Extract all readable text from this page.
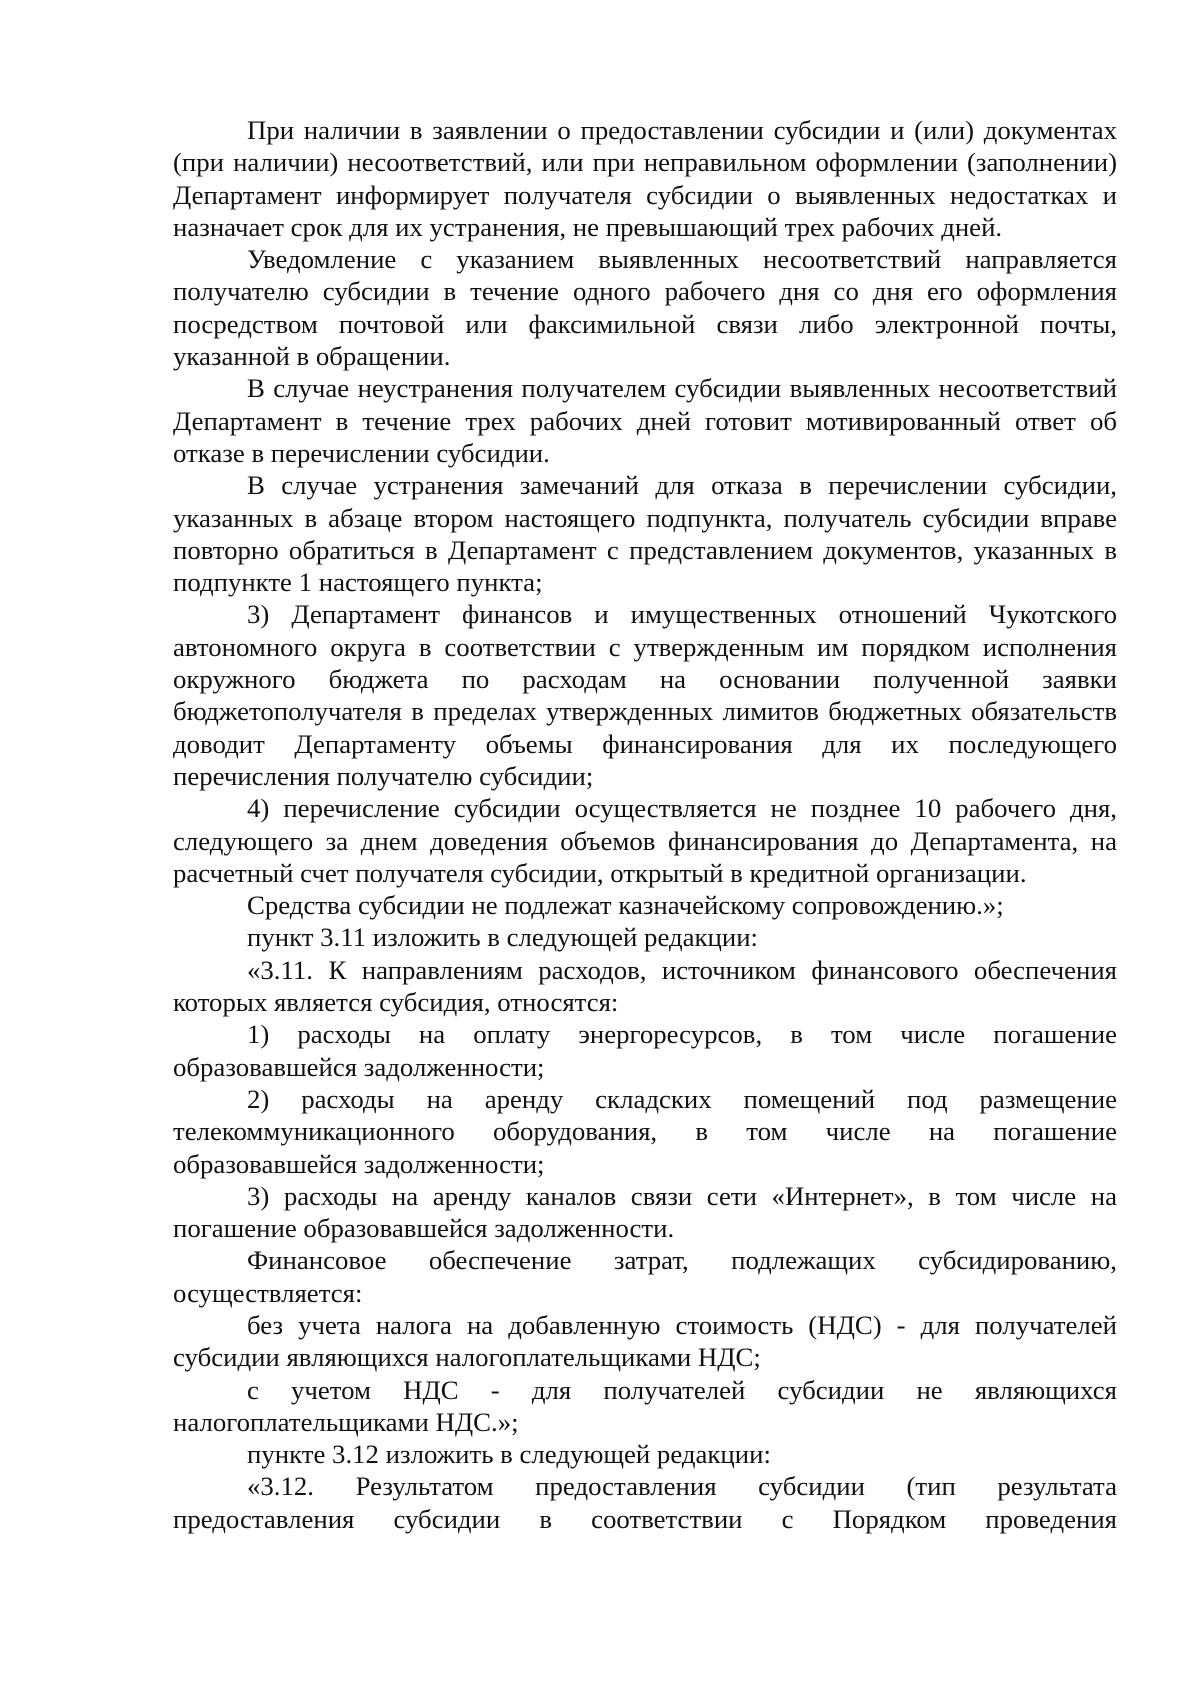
При наличии в заявлении о предоставлении субсидии и (или) документах (при наличии) несоответствий, или при неправильном оформлении (заполнении) Департамент информирует получателя субсидии о выявленных недостатках и назначает срок для их устранения, не превышающий трех рабочих дней.

Уведомление с указанием выявленных несоответствий направляется получателю субсидии в течение одного рабочего дня со дня его оформления посредством почтовой или факсимильной связи либо электронной почты, указанной в обращении.

В случае неустранения получателем субсидии выявленных несоответствий Департамент в течение трех рабочих дней готовит мотивированный ответ об отказе в перечислении субсидии.

В случае устранения замечаний для отказа в перечислении субсидии, указанных в абзаце втором настоящего подпункта, получатель субсидии вправе повторно обратиться в Департамент с представлением документов, указанных в подпункте 1 настоящего пункта;

3) Департамент финансов и имущественных отношений Чукотского автономного округа в соответствии с утвержденным им порядком исполнения окружного бюджета по расходам на основании полученной заявки бюджетополучателя в пределах утвержденных лимитов бюджетных обязательств доводит Департаменту объемы финансирования для их последующего перечисления получателю субсидии;

4) перечисление субсидии осуществляется не позднее 10 рабочего дня, следующего за днем доведения объемов финансирования до Департамента, на расчетный счет получателя субсидии, открытый в кредитной организации.

Средства субсидии не подлежат казначейскому сопровождению.»;

пункт 3.11 изложить в следующей редакции:

«3.11. К направлениям расходов, источником финансового обеспечения которых является субсидия, относятся:

1) расходы на оплату энергоресурсов, в том числе погашение образовавшейся задолженности;

2) расходы на аренду складских помещений под размещение телекоммуникационного оборудования, в том числе на погашение образовавшейся задолженности;

3) расходы на аренду каналов связи сети «Интернет», в том числе на погашение образовавшейся задолженности.

Финансовое обеспечение затрат, подлежащих субсидированию, осуществляется:

без учета налога на добавленную стоимость (НДС) - для получателей субсидии являющихся налогоплательщиками НДС;

с учетом НДС - для получателей субсидии не являющихся налогоплательщиками НДС.»;

пункте 3.12 изложить в следующей редакции:

«3.12. Результатом предоставления субсидии (тип результата предоставления субсидии в соответствии с Порядком проведения
